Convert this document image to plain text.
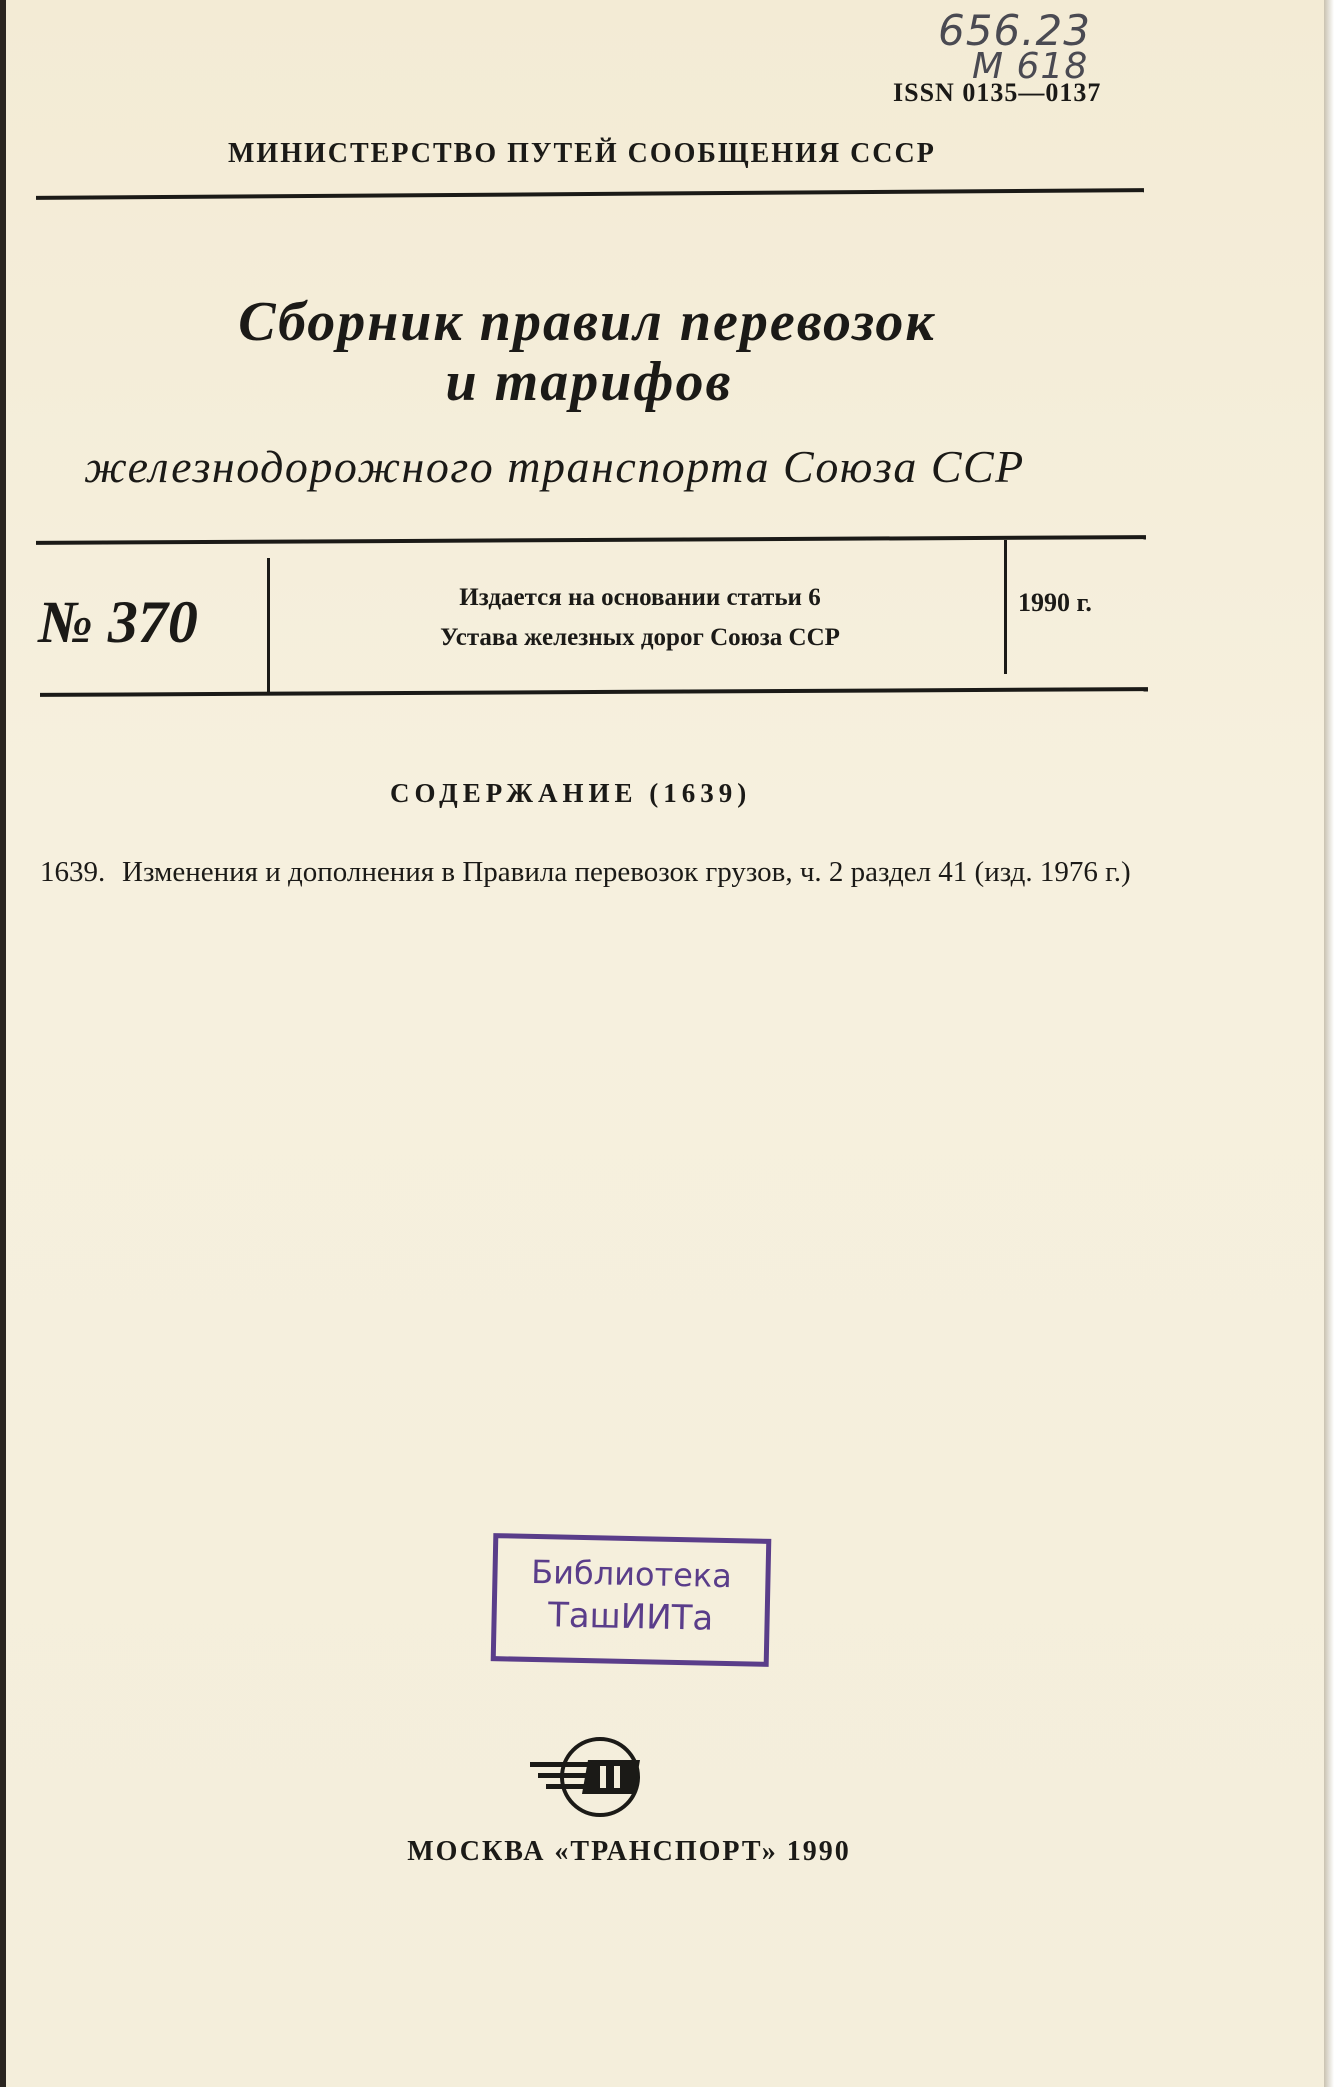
656.23
М 618
ISSN 0135—0137
МИНИСТЕРСТВО ПУТЕЙ СООБЩЕНИЯ СССР
Сборник правил перевозок
и тарифов
железнодорожного транспорта Союза ССР
№ 370	Издается на основании статьи 6
Устава железных дорог Союза ССР
1990 г.
СОДЕРЖАНИЕ (1639)
1639. Изменения и дополнения в Правила перевозок грузов, ч. 2 раздел 41 (изд. 1976 г.)
Библиотека
ТашИИТа
МОСКВА «ТРАНСПОРТ» 1990
